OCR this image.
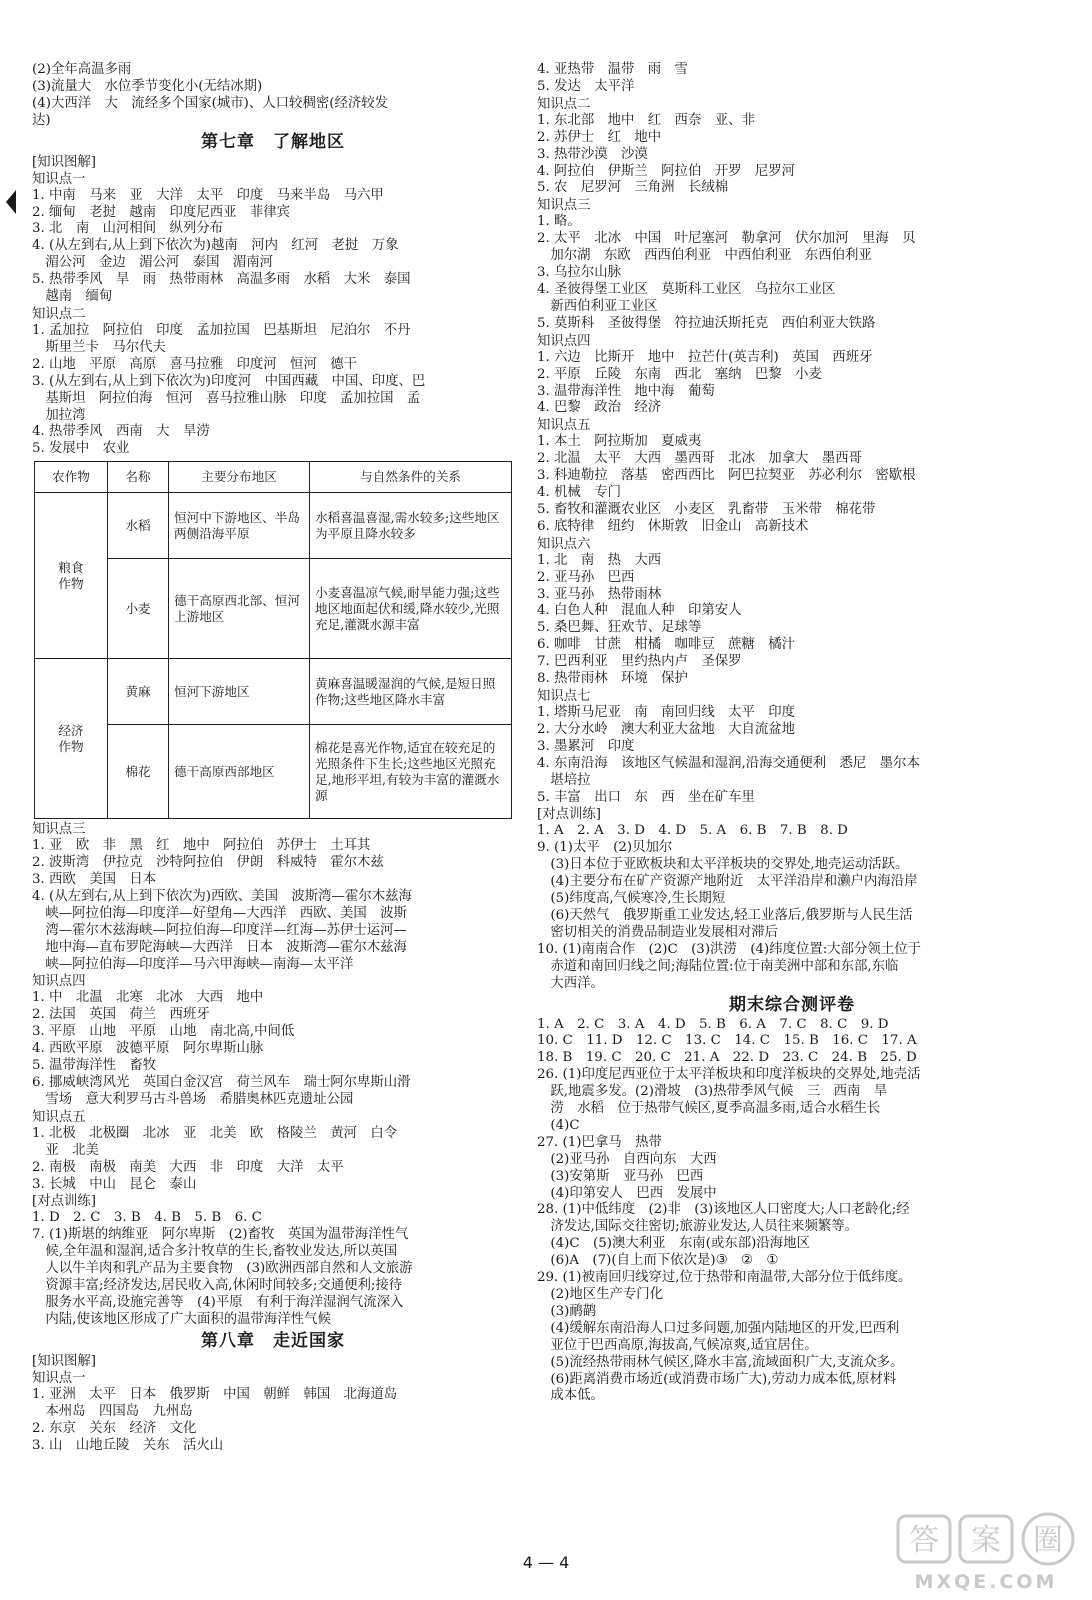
(2)全年高温多雨
(3)流量大　水位季节变化小(无结冰期)
(4)大西洋　大　流经多个国家(城市)、人口较稠密(经济较发
达)
第七章　了解地区
[知识图解]
知识点一
1. 中南　马来　亚　大洋　太平　印度　马来半岛　马六甲
2. 缅甸　老挝　越南　印度尼西亚　菲律宾
3. 北　南　山河相间　纵列分布
4. (从左到右,从上到下依次为)越南　河内　红河　老挝　万象
　湄公河　金边　湄公河　泰国　湄南河
5. 热带季风　旱　雨　热带雨林　高温多雨　水稻　大米　泰国
　越南　缅甸
知识点二
1. 孟加拉　阿拉伯　印度　孟加拉国　巴基斯坦　尼泊尔　不丹
　斯里兰卡　马尔代夫
2. 山地　平原　高原　喜马拉雅　印度河　恒河　德干
3. (从左到右,从上到下依次为)印度河　中国西藏　中国、印度、巴
　基斯坦　阿拉伯海　恒河　喜马拉雅山脉　印度　孟加拉国　孟
　加拉湾
4. 热带季风　西南　大　旱涝
5. 发展中　农业
农作物	名称	主要分布地区	与自然条件的关系
粮食作物	水稻	恒河中下游地区、半岛两侧沿海平原	水稻喜温喜湿,需水较多;这些地区为平原且降水较多
	小麦	德干高原西北部、恒河上游地区	小麦喜温凉气候,耐旱能力强;这些地区地面起伏和缓,降水较少,光照充足,灌溉水源丰富
经济作物	黄麻	恒河下游地区	黄麻喜温暖湿润的气候,是短日照作物;这些地区降水丰富
	棉花	德干高原西部地区	棉花是喜光作物,适宜在较充足的光照条件下生长;这些地区光照充足,地形平坦,有较为丰富的灌溉水源
知识点三
1. 亚　欧　非　黑　红　地中　阿拉伯　苏伊士　土耳其
2. 波斯湾　伊拉克　沙特阿拉伯　伊朗　科威特　霍尔木兹
3. 西欧　美国　日本
4. (从左到右,从上到下依次为)西欧、美国　波斯湾—霍尔木兹海
　峡—阿拉伯海—印度洋—好望角—大西洋　西欧、美国　波斯
　湾—霍尔木兹海峡—阿拉伯海—印度洋—红海—苏伊士运河—
　地中海—直布罗陀海峡—大西洋　日本　波斯湾—霍尔木兹海
　峡—阿拉伯海—印度洋—马六甲海峡—南海—太平洋
知识点四
1. 中　北温　北寒　北冰　大西　地中
2. 法国　英国　荷兰　西班牙
3. 平原　山地　平原　山地　南北高,中间低
4. 西欧平原　波德平原　阿尔卑斯山脉
5. 温带海洋性　畜牧
6. 挪威峡湾风光　英国白金汉宫　荷兰风车　瑞士阿尔卑斯山滑
　雪场　意大利罗马古斗兽场　希腊奥林匹克遗址公园
知识点五
1. 北极　北极圈　北冰　亚　北美　欧　格陵兰　黄河　白令
　亚　北美
2. 南极　南极　南美　大西　非　印度　大洋　太平
3. 长城　中山　昆仑　泰山
[对点训练]
1. D　2. C　3. B　4. B　5. B　6. C
7. (1)斯堪的纳维亚　阿尔卑斯　(2)畜牧　英国为温带海洋性气
　候,全年温和湿润,适合多汁牧草的生长,畜牧业发达,所以英国
　人以牛羊肉和乳产品为主要食物　(3)欧洲西部自然和人文旅游
　资源丰富;经济发达,居民收入高,休闲时间较多;交通便利;接待
　服务水平高,设施完善等　(4)平原　有利于海洋湿润气流深入
　内陆,使该地区形成了广大面积的温带海洋性气候
第八章　走近国家
[知识图解]
知识点一
1. 亚洲　太平　日本　俄罗斯　中国　朝鲜　韩国　北海道岛
　本州岛　四国岛　九州岛
2. 东京　关东　经济　文化
3. 山　山地丘陵　关东　活火山
4. 亚热带　温带　雨　雪
5. 发达　太平洋
知识点二
1. 东北部　地中　红　西奈　亚、非
2. 苏伊士　红　地中
3. 热带沙漠　沙漠
4. 阿拉伯　伊斯兰　阿拉伯　开罗　尼罗河
5. 农　尼罗河　三角洲　长绒棉
知识点三
1. 略。
2. 太平　北冰　中国　叶尼塞河　勒拿河　伏尔加河　里海　贝
　加尔湖　东欧　西西伯利亚　中西伯利亚　东西伯利亚
3. 乌拉尔山脉
4. 圣彼得堡工业区　莫斯科工业区　乌拉尔工业区
　新西伯利亚工业区
5. 莫斯科　圣彼得堡　符拉迪沃斯托克　西伯利亚大铁路
知识点四
1. 六边　比斯开　地中　拉芒什(英吉利)　英国　西班牙
2. 平原　丘陵　东南　西北　塞纳　巴黎　小麦
3. 温带海洋性　地中海　葡萄
4. 巴黎　政治　经济
知识点五
1. 本土　阿拉斯加　夏威夷
2. 北温　太平　大西　墨西哥　北冰　加拿大　墨西哥
3. 科迪勒拉　落基　密西西比　阿巴拉契亚　苏必利尔　密歇根
4. 机械　专门
5. 畜牧和灌溉农业区　小麦区　乳畜带　玉米带　棉花带
6. 底特律　纽约　休斯敦　旧金山　高新技术
知识点六
1. 北　南　热　大西
2. 亚马孙　巴西
3. 亚马孙　热带雨林
4. 白色人种　混血人种　印第安人
5. 桑巴舞、狂欢节、足球等
6. 咖啡　甘蔗　柑橘　咖啡豆　蔗糖　橘汁
7. 巴西利亚　里约热内卢　圣保罗
8. 热带雨林　环境　保护
知识点七
1. 塔斯马尼亚　南　南回归线　太平　印度
2. 大分水岭　澳大利亚大盆地　大自流盆地
3. 墨累河　印度
4. 东南沿海　该地区气候温和湿润,沿海交通便利　悉尼　墨尔本
　堪培拉
5. 丰富　出口　东　西　坐在矿车里
[对点训练]
1. A　2. A　3. D　4. D　5. A　6. B　7. B　8. D
9. (1)太平　(2)贝加尔
　(3)日本位于亚欧板块和太平洋板块的交界处,地壳运动活跃。
　(4)主要分布在矿产资源产地附近　太平洋沿岸和濑户内海沿岸
　(5)纬度高,气候寒冷,生长期短
　(6)天然气　俄罗斯重工业发达,轻工业落后,俄罗斯与人民生活
　密切相关的消费品制造业发展相对滞后
10. (1)南南合作　(2)C　(3)洪涝　(4)纬度位置:大部分领土位于
　赤道和南回归线之间;海陆位置:位于南美洲中部和东部,东临
　大西洋。
期末综合测评卷
1. A　2. C　3. A　4. D　5. B　6. A　7. C　8. C　9. D
10. C　11. D　12. C　13. C　14. C　15. B　16. C　17. A
18. B　19. C　20. C　21. A　22. D　23. C　24. B　25. D
26. (1)印度尼西亚位于太平洋板块和印度洋板块的交界处,地壳活
　跃,地震多发。(2)滑坡　(3)热带季风气候　三　西南　旱
　涝　水稻　位于热带气候区,夏季高温多雨,适合水稻生长
　(4)C
27. (1)巴拿马　热带
　(2)亚马孙　自西向东　大西
　(3)安第斯　亚马孙　巴西
　(4)印第安人　巴西　发展中
28. (1)中低纬度　(2)非　(3)该地区人口密度大;人口老龄化;经
　济发达,国际交往密切;旅游业发达,人员往来频繁等。
　(4)C　(5)澳大利亚　东南(或东部)沿海地区
　(6)A　(7)(自上而下依次是)③　②　①
29. (1)被南回归线穿过,位于热带和南温带,大部分位于低纬度。
　(2)地区生产专门化
　(3)鸸鹋
　(4)缓解东南沿海人口过多问题,加强内陆地区的开发,巴西利
　亚位于巴西高原,海拔高,气候凉爽,适宜居住。
　(5)流经热带雨林气候区,降水丰富,流域面积广大,支流众多。
　(6)距离消费市场近(或消费市场广大),劳动力成本低,原材料
　成本低。
4 — 4
答 案 圈
MXQE.COM
